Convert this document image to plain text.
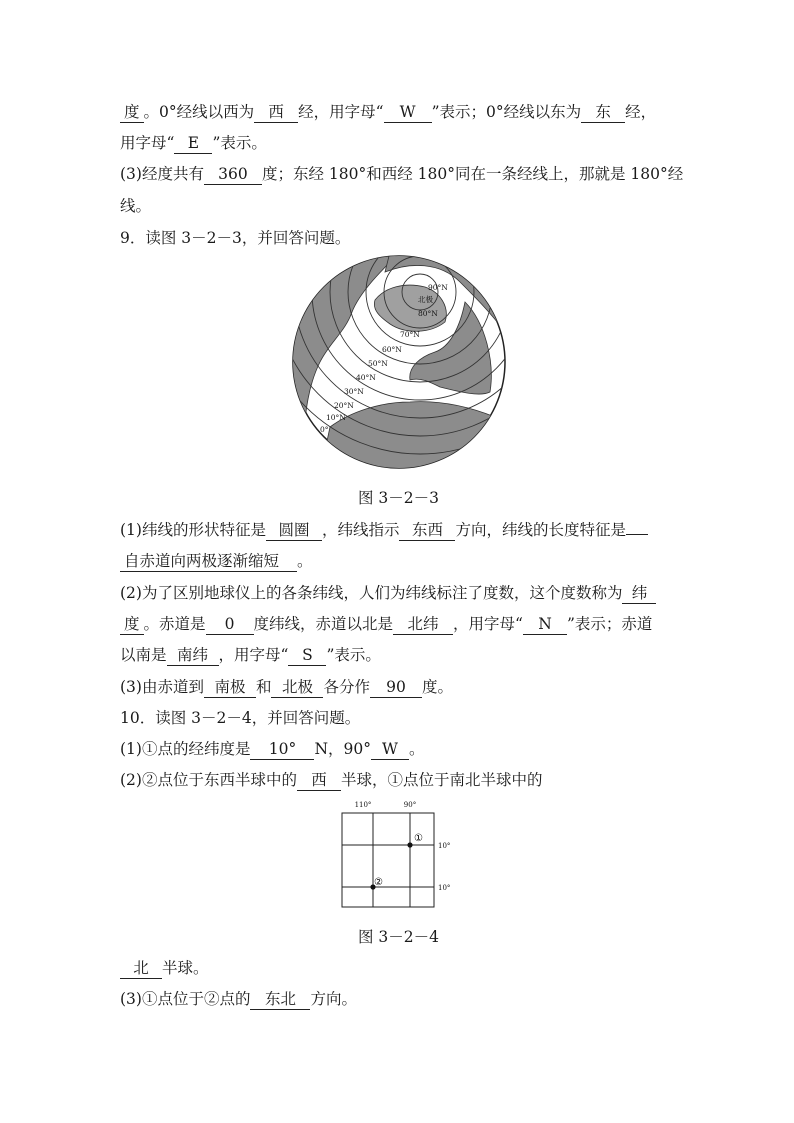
度 。0°经线以西为 西 经，用字母“ W ”表示；0°经线以东为 东 经，
用字母“ E ”表示。
(3)经度共有 360 度；东经 180°和西经 180°同在一条经线上，那就是 180°经
线。
9．读图 3－2－3，并回答问题。
90°N
北极
80°N
70°N
60°N
50°N
40°N
30°N
20°N
10°N
0°
图 3－2－3
(1)纬线的形状特征是 圆圈 ，纬线指示 东西 方向，纬线的长度特征是
自赤道向两极逐渐缩短 。
(2)为了区别地球仪上的各条纬线，人们为纬线标注了度数，这个度数称为 纬
度 。赤道是 0 度纬线，赤道以北是 北纬 ，用字母“ N ”表示；赤道
以南是 南纬 ，用字母“ S ”表示。
(3)由赤道到 南极 和 北极 各分作 90 度。
10．读图 3－2－4，并回答问题。
(1)①点的经纬度是 10° N，90° W 。
(2)②点位于东西半球中的 西 半球，①点位于南北半球中的
110°	90°
10°
10°
①
②
图 3－2－4
北 半球。
(3)①点位于②点的 东北 方向。
